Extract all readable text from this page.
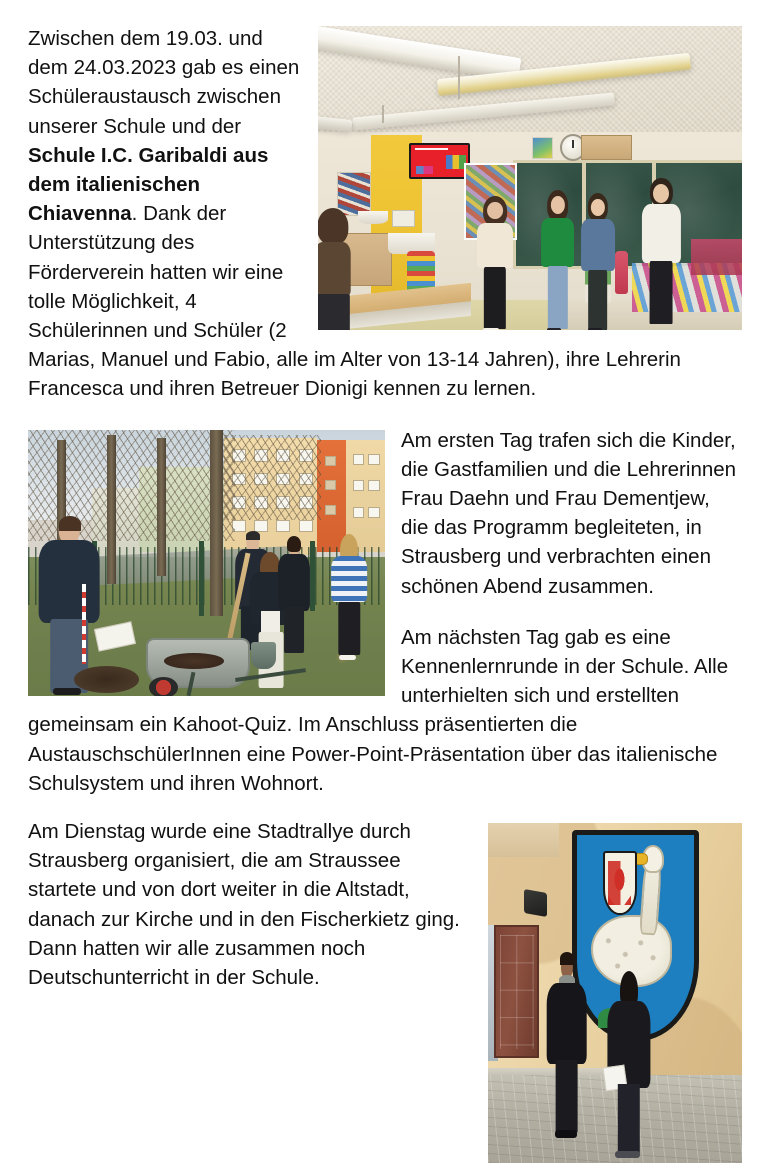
Zwischen dem 19.03. und dem 24.03.2023 gab es einen Schüleraustausch zwischen unserer Schule und der Schule I.C. Garibaldi aus dem italienischen Chiavenna. Dank der Unterstützung des Förderverein hatten wir eine tolle Möglichkeit, 4 Schülerinnen und Schüler (2 Marias, Manuel und Fabio, alle im Alter von 13-14 Jahren), ihre Lehrerin Francesca und ihren Betreuer Dionigi kennen zu lernen.

Am ersten Tag trafen sich die Kinder, die Gastfamilien und die Lehrerinnen Frau Daehn und Frau Dementjew, die das Programm begleiteten, in Strausberg und verbrachten einen schönen Abend zusammen.

Am nächsten Tag gab es eine Kennenlernrunde in der Schule. Alle unterhielten sich und erstellten gemeinsam ein Kahoot-Quiz. Im Anschluss präsentierten die AustauschschülerInnen eine Power-Point-Präsentation über das italienische Schulsystem und ihren Wohnort.

Am Dienstag wurde eine Stadtrallye durch Strausberg organisiert, die am Straussee startete und von dort weiter in die Altstadt, danach zur Kirche und in den Fischerkietz ging. Dann hatten wir alle zusammen noch Deutschunterricht in der Schule.
